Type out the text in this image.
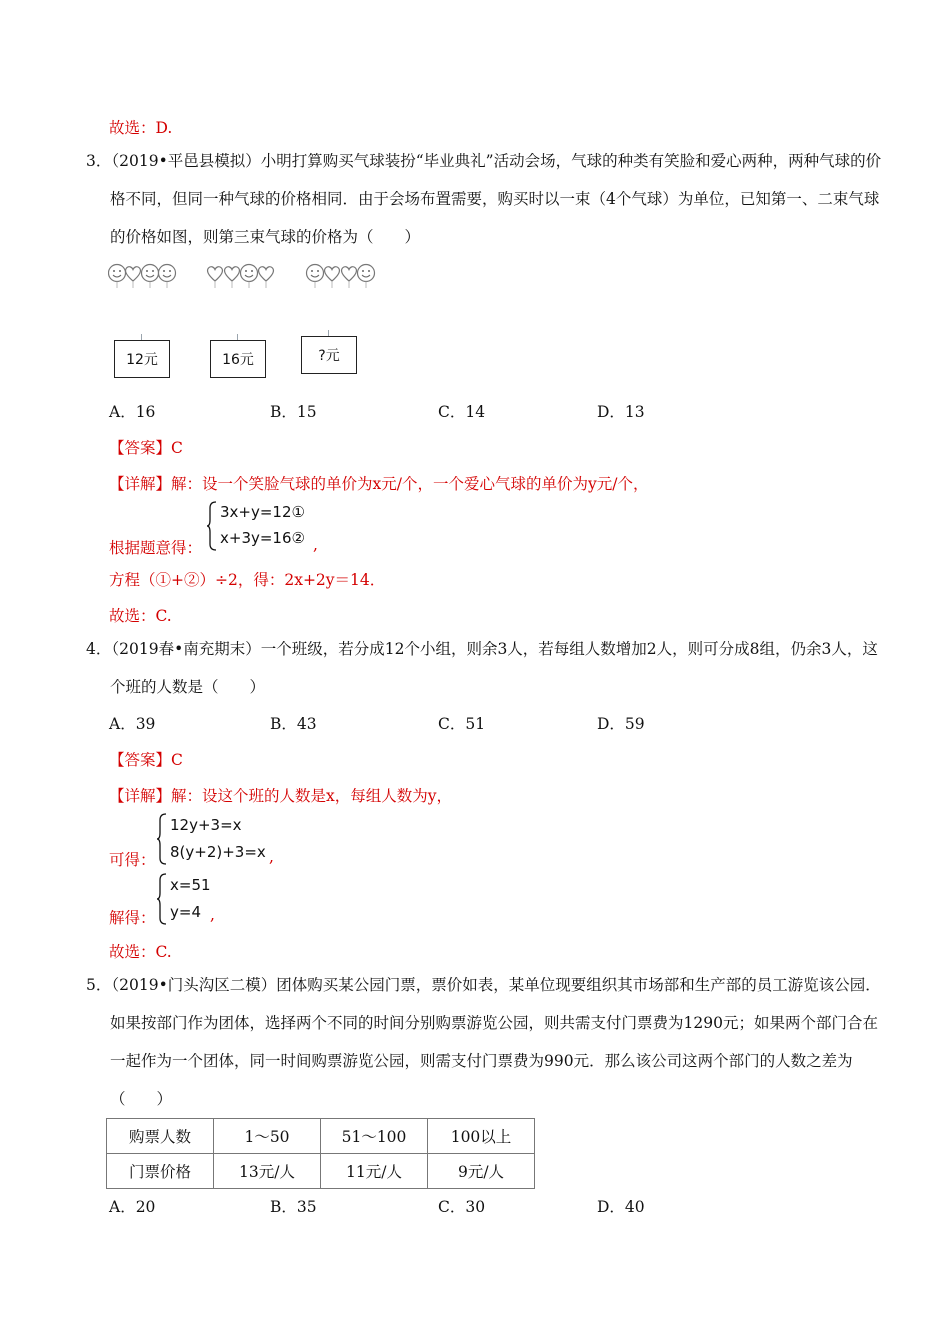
故选：D.
3．（2019•平邑县模拟）小明打算购买气球装扮“毕业典礼”活动会场，气球的种类有笑脸和爱心两种，两种气球的价格不同，但同一种气球的价格相同．由于会场布置需要，购买时以一束（4个气球）为单位，已知第一、二束气球的价格如图，则第三束气球的价格为（　　）
12元	16元	?元
A．16	B．15	C．14	D．13
【答案】C
【详解】解：设一个笑脸气球的单价为x元/个，一个爱心气球的单价为y元/个，
根据题意得：
3x+y=12①
x+3y=16② ,
方程（①+②）÷2，得：2x+2y＝14．
故选：C.
4．（2019春•南充期末）一个班级，若分成12个小组，则余3人，若每组人数增加2人，则可分成8组，仍余3人，这个班的人数是（　　）
A．39	B．43	C．51	D．59
【答案】C
【详解】解：设这个班的人数是x，每组人数为y，
可得：
12y+3=x
8(y+2)+3=x ,
解得：
x=51
y=4 ,
故选：C.
5．（2019•门头沟区二模）团体购买某公园门票，票价如表，某单位现要组织其市场部和生产部的员工游览该公园．如果按部门作为团体，选择两个不同的时间分别购票游览公园，则共需支付门票费为1290元；如果两个部门合在一起作为一个团体，同一时间购票游览公园，则需支付门票费为990元．那么该公司这两个部门的人数之差为（　　）
购票人数	1～50	51～100	100以上
门票价格	13元/人	11元/人	9元/人
A．20	B．35	C．30	D．40
